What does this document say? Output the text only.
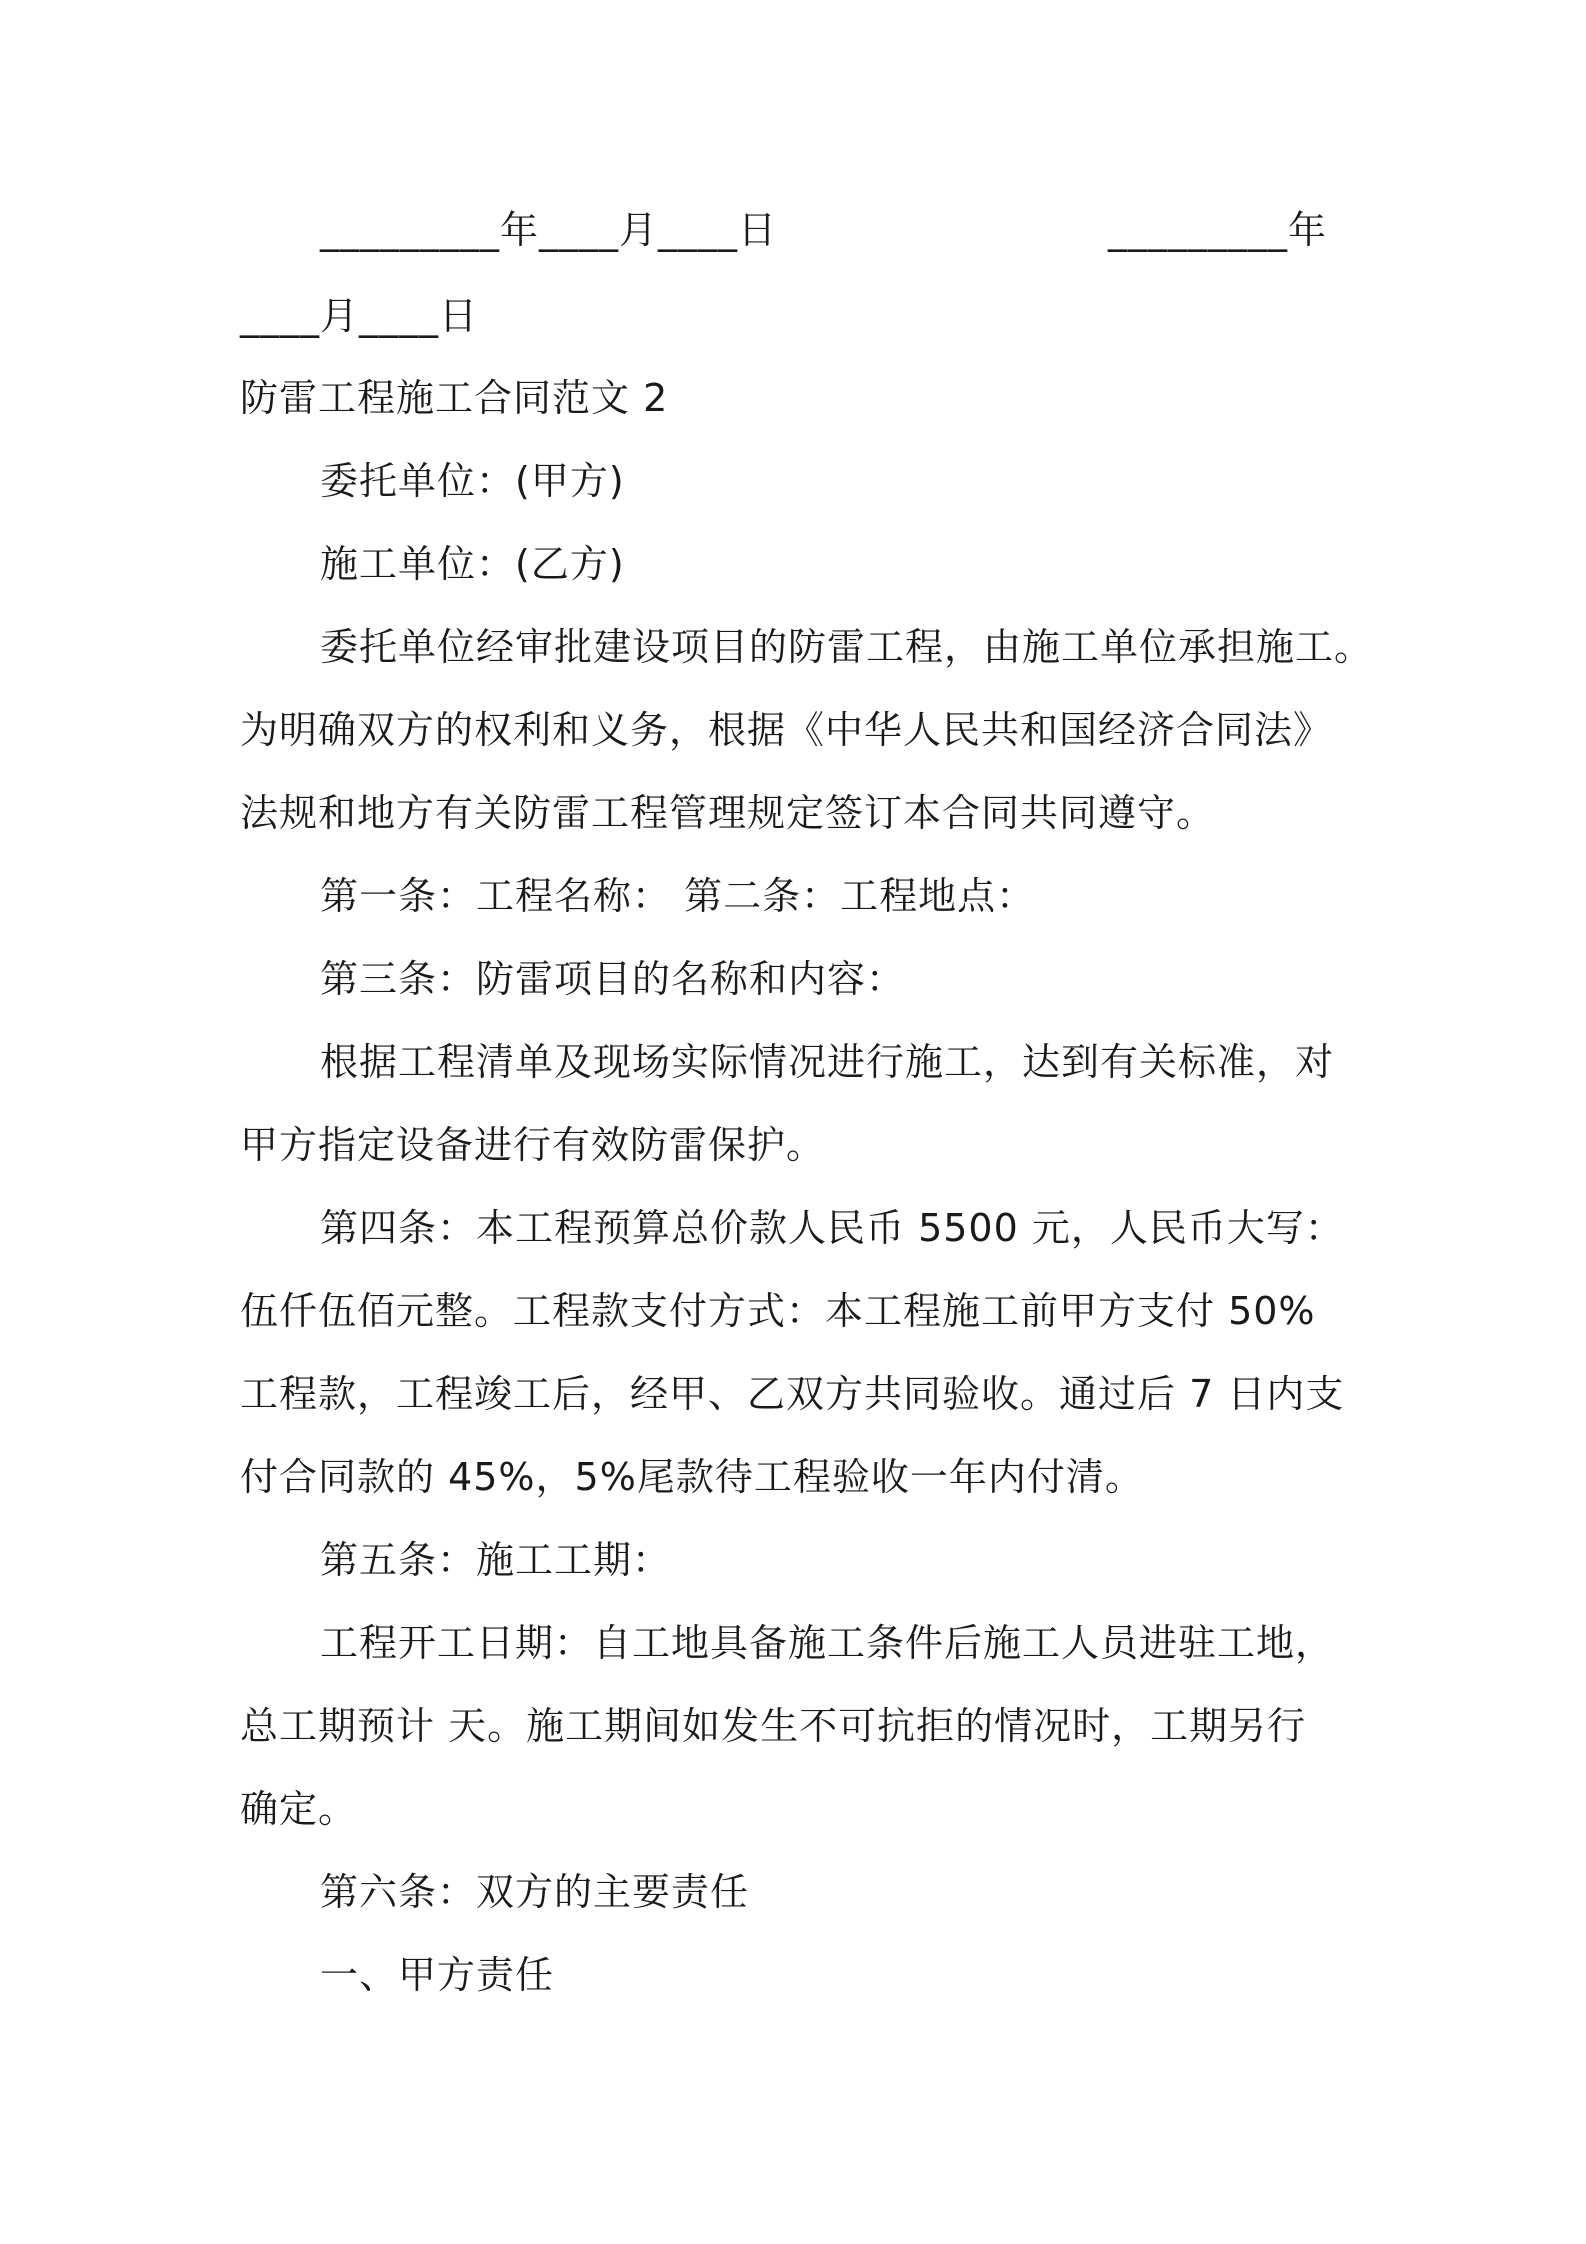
_________年____月____日	_________年
____月____日
防雷工程施工合同范文 2
委托单位：(甲方)
施工单位：(乙方)
委托单位经审批建设项目的防雷工程，由施工单位承担施工。
为明确双方的权利和义务，根据《中华人民共和国经济合同法》
法规和地方有关防雷工程管理规定签订本合同共同遵守。
第一条：工程名称： 第二条：工程地点：
第三条：防雷项目的名称和内容：
根据工程清单及现场实际情况进行施工，达到有关标准，对
甲方指定设备进行有效防雷保护。
第四条：本工程预算总价款人民币 5500 元，人民币大写：
伍仟伍佰元整。工程款支付方式：本工程施工前甲方支付 50%
工程款，工程竣工后，经甲、乙双方共同验收。通过后 7 日内支
付合同款的 45%，5%尾款待工程验收一年内付清。
第五条：施工工期：
工程开工日期：自工地具备施工条件后施工人员进驻工地，
总工期预计 天。施工期间如发生不可抗拒的情况时，工期另行
确定。
第六条：双方的主要责任
一、甲方责任
